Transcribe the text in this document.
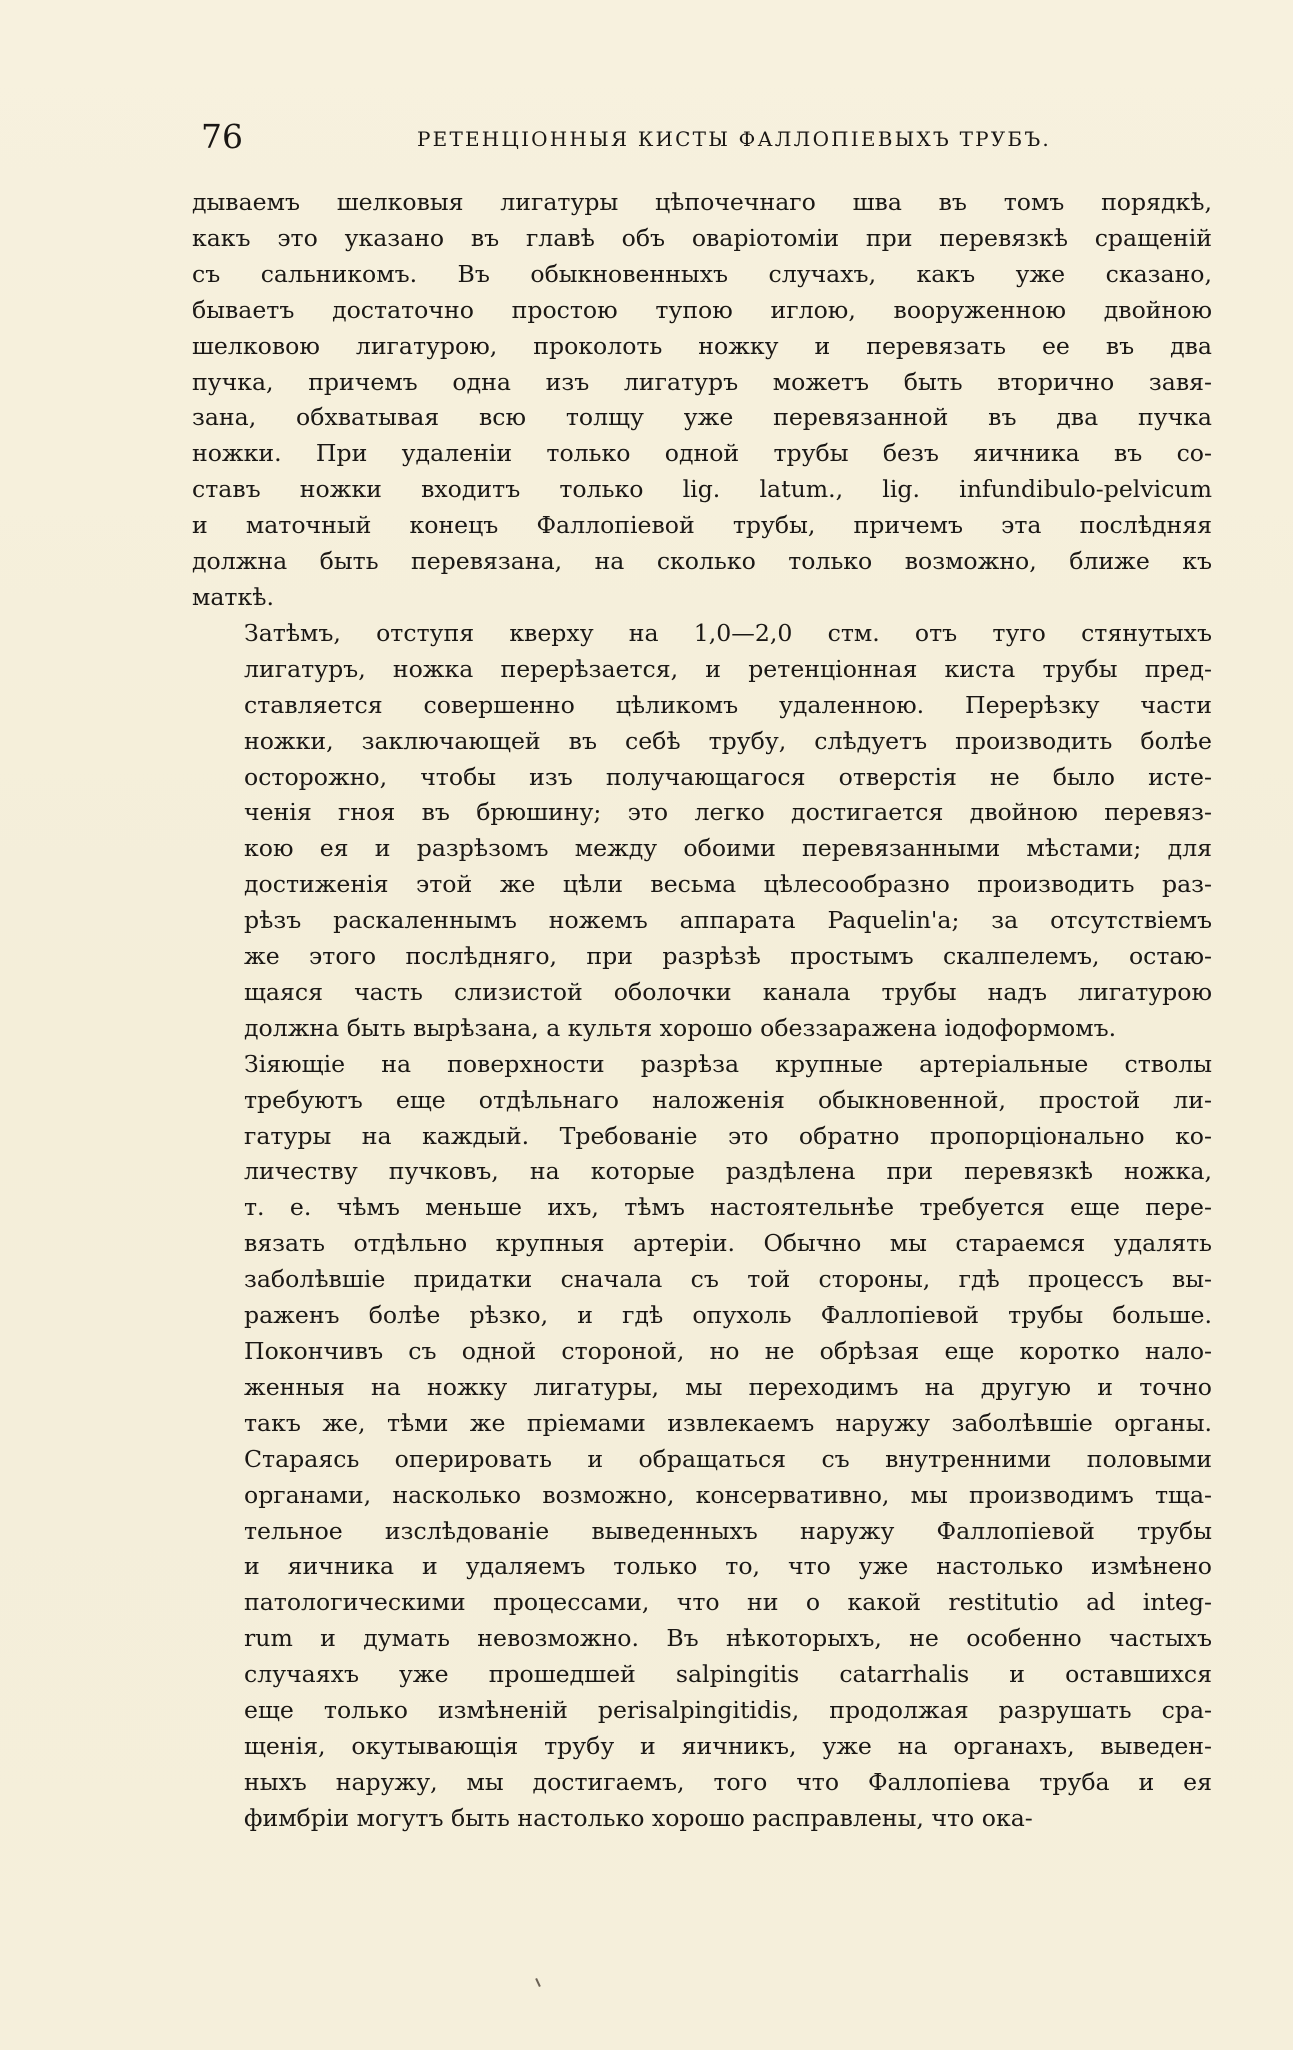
76	РЕТЕНЦІОННЫЯ КИСТЫ ФАЛЛОПІЕВЫХЪ ТРУБЪ.
дываемъ шелковыя лигатуры цѣпочечнаго шва въ томъ порядкѣ,
какъ это указано въ главѣ объ оваріотоміи при перевязкѣ сращеній
съ сальникомъ. Въ обыкновенныхъ случахъ, какъ уже сказано,
бываетъ достаточно простою тупою иглою, вооруженною двойною
шелковою лигатурою, проколоть ножку и перевязать ее въ два
пучка, причемъ одна изъ лигатуръ можетъ быть вторично завя-
зана, обхватывая всю толщу уже перевязанной въ два пучка
ножки. При удаленіи только одной трубы безъ яичника въ со-
ставъ ножки входитъ только lig. latum., lig. infundibulo-pelvicum
и маточный конецъ Фаллопіевой трубы, причемъ эта послѣдняя
должна быть перевязана, на сколько только возможно, ближе къ
маткѣ.
Затѣмъ, отступя кверху на 1,0—2,0 стм. отъ туго стянутыхъ
лигатуръ, ножка перерѣзается, и ретенціонная киста трубы пред-
ставляется совершенно цѣликомъ удаленною. Перерѣзку части
ножки, заключающей въ себѣ трубу, слѣдуетъ производить болѣе
осторожно, чтобы изъ получающагося отверстія не было исте-
ченія гноя въ брюшину; это легко достигается двойною перевяз-
кою ея и разрѣзомъ между обоими перевязанными мѣстами; для
достиженія этой же цѣли весьма цѣлесообразно производить раз-
рѣзъ раскаленнымъ ножемъ аппарата Paquelin'a; за отсутствіемъ
же этого послѣдняго, при разрѣзѣ простымъ скалпелемъ, остаю-
щаяся часть слизистой оболочки канала трубы надъ лигатурою
должна быть вырѣзана, а культя хорошо обеззаражена іодоформомъ.
Зіяющіе на поверхности разрѣза крупные артеріальные стволы
требуютъ еще отдѣльнаго наложенія обыкновенной, простой ли-
гатуры на каждый. Требованіе это обратно пропорціонально ко-
личеству пучковъ, на которые раздѣлена при перевязкѣ ножка,
т. е. чѣмъ меньше ихъ, тѣмъ настоятельнѣе требуется еще пере-
вязать отдѣльно крупныя артеріи. Обычно мы стараемся удалять
заболѣвшіе придатки сначала съ той стороны, гдѣ процессъ вы-
раженъ болѣе рѣзко, и гдѣ опухоль Фаллопіевой трубы больше.
Покончивъ съ одной стороной, но не обрѣзая еще коротко нало-
женныя на ножку лигатуры, мы переходимъ на другую и точно
такъ же, тѣми же пріемами извлекаемъ наружу заболѣвшіе органы.
Стараясь оперировать и обращаться съ внутренними половыми
органами, насколько возможно, консервативно, мы производимъ тща-
тельное изслѣдованіе выведенныхъ наружу Фаллопіевой трубы
и яичника и удаляемъ только то, что уже настолько измѣнено
патологическими процессами, что ни о какой restitutio ad integ-
rum и думать невозможно. Въ нѣкоторыхъ, не особенно частыхъ
случаяхъ уже прошедшей salpingitis catarrhalis и оставшихся
еще только измѣненій perisalpingitidis, продолжая разрушать сра-
щенія, окутывающія трубу и яичникъ, уже на органахъ, выведен-
ныхъ наружу, мы достигаемъ, того что Фаллопіева труба и ея
фимбріи могутъ быть настолько хорошо расправлены, что ока-
